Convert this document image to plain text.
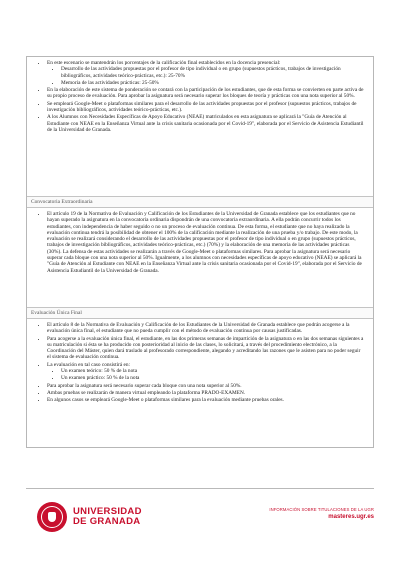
• En este escenario se mantendrán los porcentajes de la calificación final establecidos en la docencia presencial:
• Desarrollo de las actividades propuestas por el profesor de tipo individual o en grupo (supuestos prácticos, trabajos de investigación bibliográficos, actividades teórico-prácticas, etc.): 25-70%
• Memoria de las actividades prácticas: 25-50%
• En la elaboración de este sistema de ponderación se contará con la participación de los estudiantes, que de esta forma se convierten en parte activa de su propio proceso de evaluación. Para aprobar la asignatura será necesario superar los bloques de teoría y prácticas con una nota superior al 50%.
• Se empleará Google-Meet o plataformas similares para el desarrollo de las actividades propuestas por el profesor (supuestos prácticos, trabajos de investigación bibliográficos, actividades teórico-prácticas, etc.).
• A los Alumnos con Necesidades Específicas de Apoyo Educativo (NEAE) matriculados en esta asignatura se aplicará la "Guía de Atención al Estudiante con NEAE en la Enseñanza Virtual ante la crisis sanitaria ocasionada por el Covid-19", elaborada por el Servicio de Asistencia Estudiantil de la Universidad de Granada.
Convocatoria Extraordinaria
• El artículo 19 de la Normativa de Evaluación y Calificación de los Estudiantes de la Universidad de Granada establece que los estudiantes que no hayan superado la asignatura en la convocatoria ordinaria dispondrán de una convocatoria extraordinaria. A ella podrán concurrir todos los estudiantes, con independencia de haber seguido o no un proceso de evaluación continua. De esta forma, el estudiante que no haya realizado la evaluación continua tendrá la posibilidad de obtener el 100% de la calificación mediante la realización de una prueba y/o trabajo. De este modo, la evaluación se realizará considerando el desarrollo de las actividades propuestas por el profesor de tipo individual o en grupo (supuestos prácticos, trabajos de investigación bibliográficos, actividades teórico-prácticas, etc.) (70%) y la elaboración de una memoria de las actividades prácticas (30%). La defensa de estas actividades se realizarán a través de Google-Meet o plataformas similares. Para aprobar la asignatura será necesario superar cada bloque con una nota superior al 50%. Igualmente, a los alumnos con necesidades específicas de apoyo educativo (NEAE) se aplicará la "Guía de Atención al Estudiante con NEAE en la Enseñanza Virtual ante la crisis sanitaria ocasionada por el Covid-19", elaborada por el Servicio de Asistencia Estudiantil de la Universidad de Granada.
Evaluación Única Final
• El artículo 8 de la Normativa de Evaluación y Calificación de los Estudiantes de la Universidad de Granada establece que podrán acogerse a la evaluación única final, el estudiante que no pueda cumplir con el método de evaluación continua por causas justificadas.
• Para acogerse a la evaluación única final, el estudiante, en las dos primeras semanas de impartición de la asignatura o en las dos semanas siguientes a su matriculación si ésta se ha producido con posterioridad al inicio de las clases, lo solicitará, a través del procedimiento electrónico, a la Coordinación del Máster, quien dará traslado al profesorado correspondiente, alegando y acreditando las razones que le asisten para no poder seguir el sistema de evaluación continua.
• La evaluación en tal caso consistirá en:
• Un examen teórico: 50 % de la nota
• Un examen práctico: 50 % de la nota
• Para aprobar la asignatura será necesario superar cada bloque con una nota superior al 50%.
• Ambas pruebas se realizarán de manera virtual empleando la plataforma PRADO-EXAMEN.
• En algunos casos se empleará Google-Meet o plataformas similares para la evaluación mediante pruebas orales.
UNIVERSIDAD
DE GRANADA
INFORMACIÓN SOBRE TITULACIONES DE LA UGR
masteres.ugr.es
